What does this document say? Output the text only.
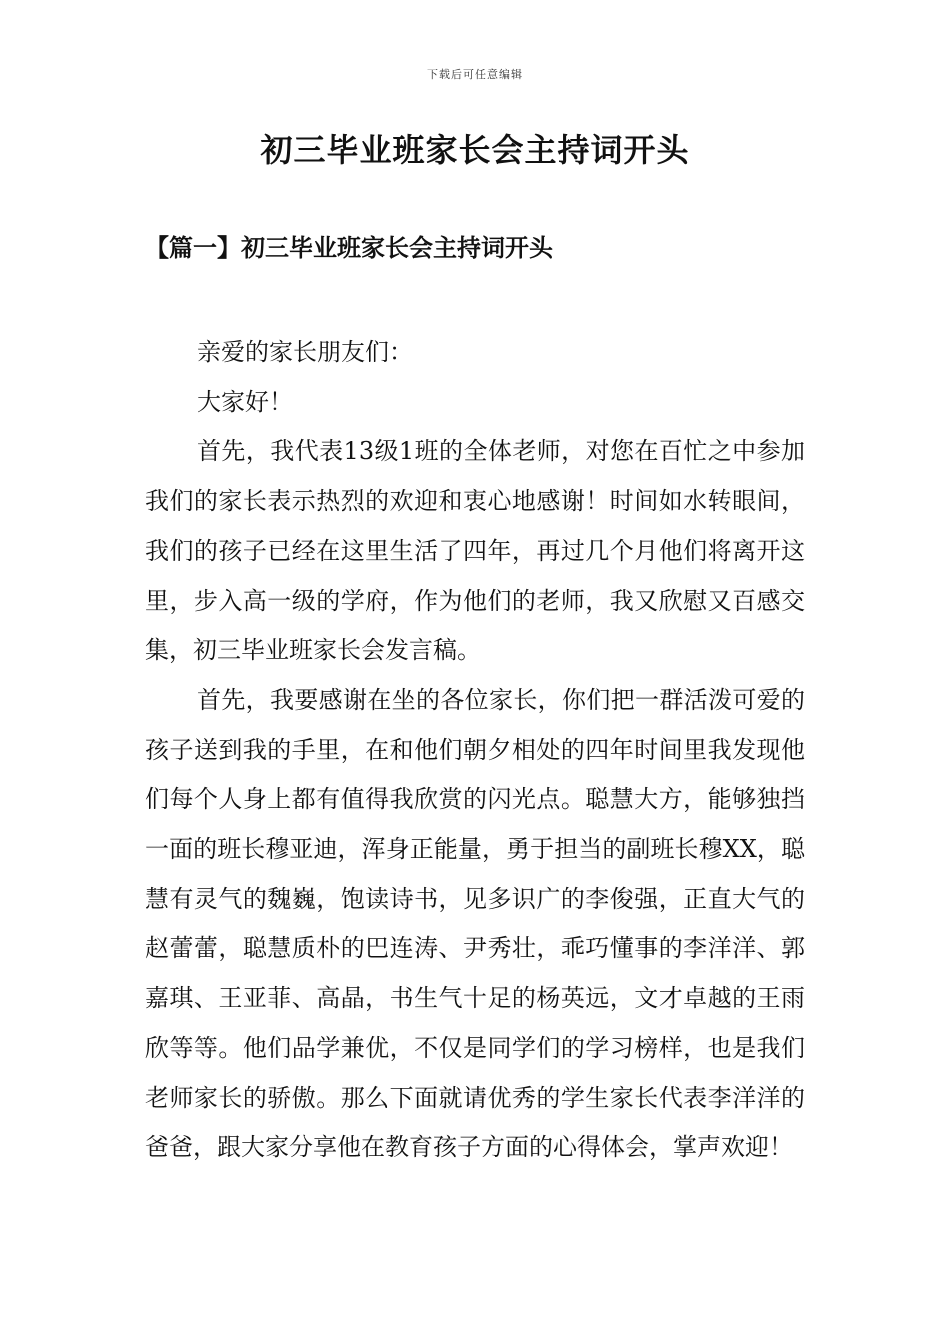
下载后可任意编辑
初三毕业班家长会主持词开头
【篇一】初三毕业班家长会主持词开头

亲爱的家长朋友们：

大家好！

首先，我代表13级1班的全体老师，对您在百忙之中参加我们的家长表示热烈的欢迎和衷心地感谢！时间如水转眼间，我们的孩子已经在这里生活了四年，再过几个月他们将离开这里，步入高一级的学府，作为他们的老师，我又欣慰又百感交集，初三毕业班家长会发言稿。

首先，我要感谢在坐的各位家长，你们把一群活泼可爱的孩子送到我的手里，在和他们朝夕相处的四年时间里我发现他们每个人身上都有值得我欣赏的闪光点。聪慧大方，能够独挡一面的班长穆亚迪，浑身正能量，勇于担当的副班长穆XX，聪慧有灵气的魏巍，饱读诗书，见多识广的李俊强，正直大气的赵蕾蕾，聪慧质朴的巴连涛、尹秀壮，乖巧懂事的李洋洋、郭嘉琪、王亚菲、高晶，书生气十足的杨英远，文才卓越的王雨欣等等。他们品学兼优，不仅是同学们的学习榜样，也是我们老师家长的骄傲。那么下面就请优秀的学生家长代表李洋洋的爸爸，跟大家分享他在教育孩子方面的心得体会，掌声欢迎！
